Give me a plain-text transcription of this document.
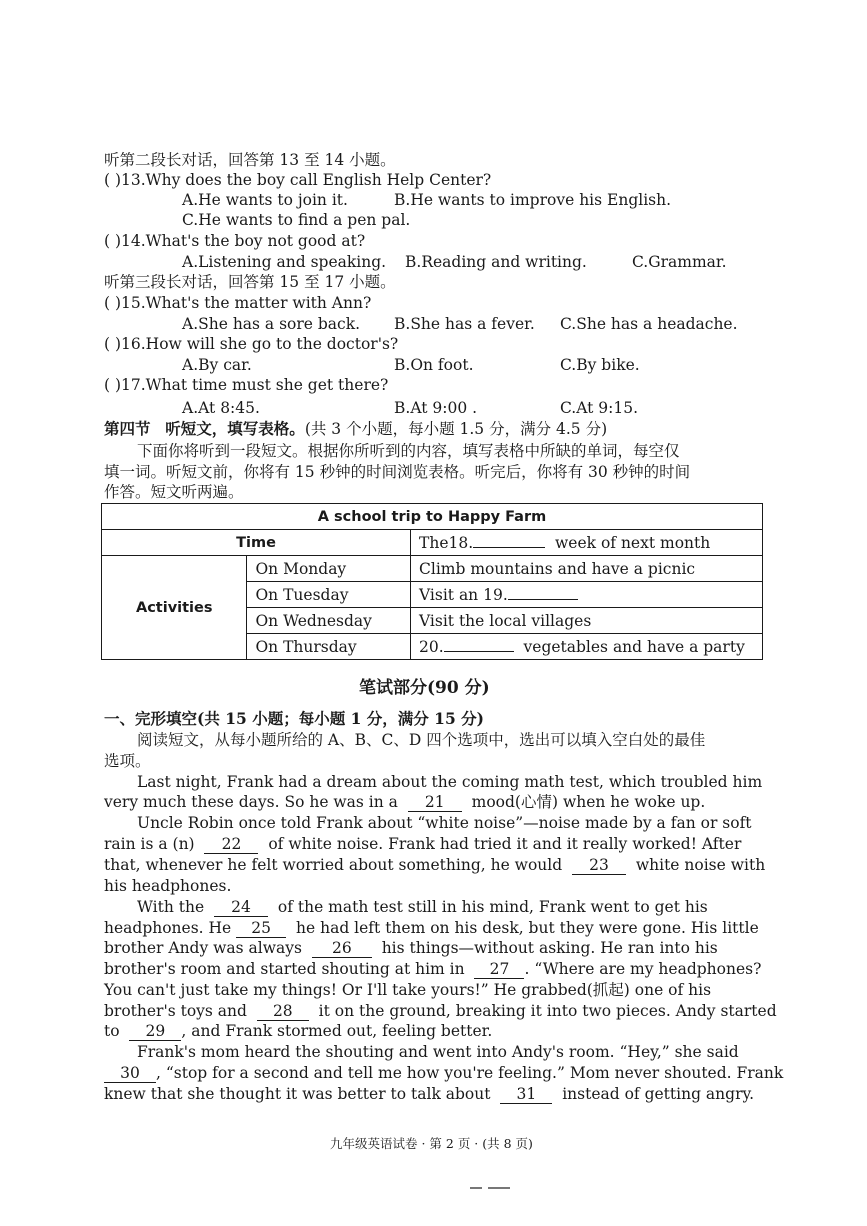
听第二段长对话，回答第 13 至 14 小题。
( )13.Why does the boy call English Help Center?
A.He wants to join it.	B.He wants to improve his English.
C.He wants to find a pen pal.
( )14.What's the boy not good at?
A.Listening and speaking. B.Reading and writing.	C.Grammar.
听第三段长对话，回答第 15 至 17 小题。
( )15.What's the matter with Ann?
A.She has a sore back. B.She has a fever. C.She has a headache.
( )16.How will she go to the doctor's?
A.By car.	B.On foot.	C.By bike.
( )17.What time must she get there?
A.At 8:45.	B.At 9:00 .	C.At 9:15.
第四节 听短文，填写表格。(共 3 个小题，每小题 1.5 分，满分 4.5 分)
下面你将听到一段短文。根据你所听到的内容，填写表格中所缺的单词，每空仅
填一词。听短文前，你将有 15 秒钟的时间浏览表格。听完后，你将有 30 秒钟的时间
作答。短文听两遍。
A school trip to Happy Farm		
Time		The18. week of next month
Activities	On Monday	Climb mountains and have a picnic
	On Tuesday	Visit an 19.
	On Wednesday	Visit the local villages
	On Thursday	20. vegetables and have a party
笔试部分(90 分)
一、完形填空(共 15 小题；每小题 1 分，满分 15 分)
阅读短文，从每小题所给的 A、B、C、D 四个选项中，选出可以填入空白处的最佳
选项。
Last night, Frank had a dream about the coming math test, which troubled him
very much these days. So he was in a 21 mood(心情) when he woke up.
Uncle Robin once told Frank about “white noise”—noise made by a fan or soft
rain is a (n) 22 of white noise. Frank had tried it and it really worked! After
that, whenever he felt worried about something, he would 23 white noise with
his headphones.
With the 24 of the math test still in his mind, Frank went to get his
headphones. He 25 he had left them on his desk, but they were gone. His little
brother Andy was always 26 his things—without asking. He ran into his
brother's room and started shouting at him in 27 . “Where are my headphones?
You can't just take my things! Or I'll take yours!” He grabbed(抓起) one of his
brother's toys and 28 it on the ground, breaking it into two pieces. Andy started
to 29 , and Frank stormed out, feeling better.
Frank's mom heard the shouting and went into Andy's room. “Hey,” she said
30 , “stop for a second and tell me how you're feeling.” Mom never shouted. Frank
knew that she thought it was better to talk about 31 instead of getting angry.
九年级英语试卷 · 第 2 页 · (共 8 页)
